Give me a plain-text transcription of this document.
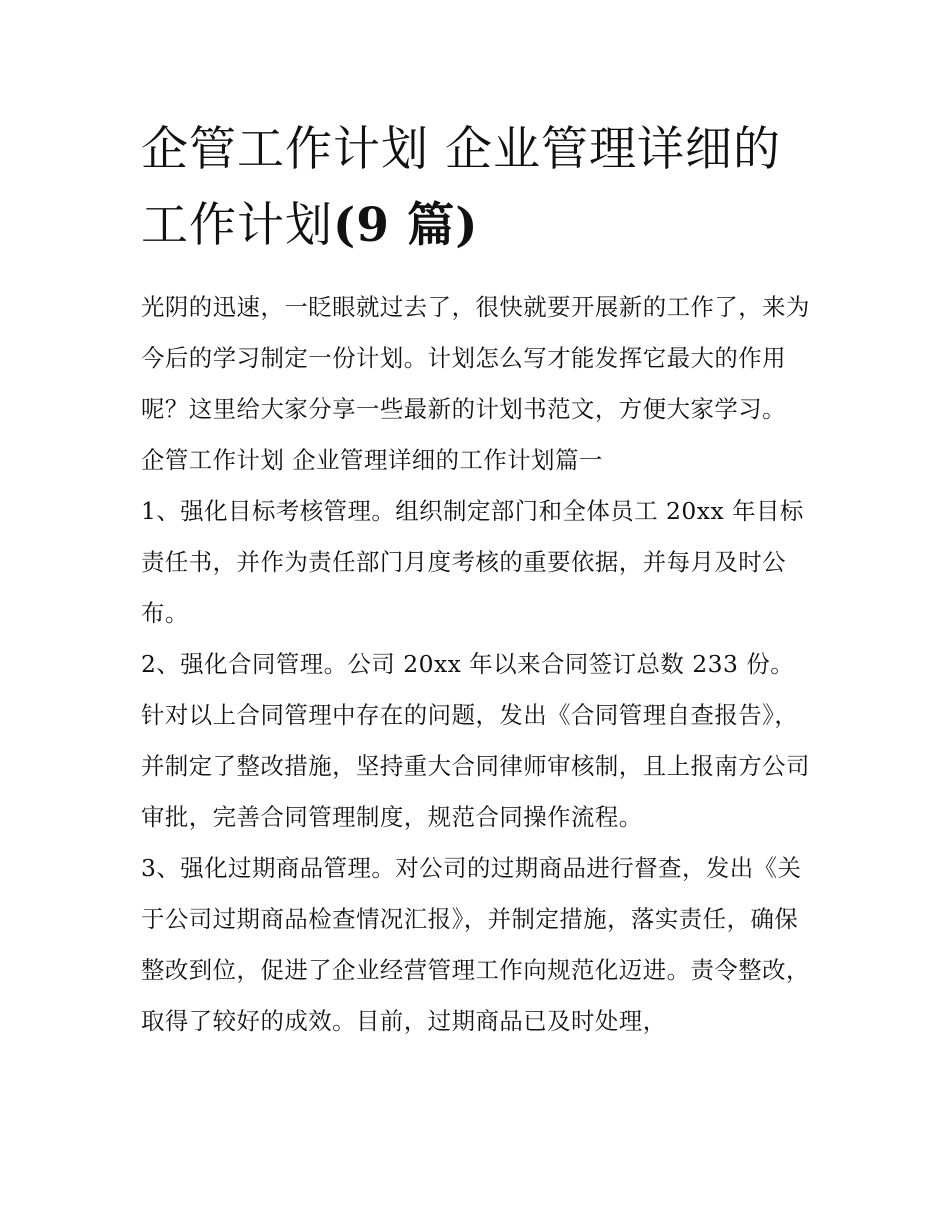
企管工作计划 企业管理详细的工作计划(9 篇)

光阴的迅速，一眨眼就过去了，很快就要开展新的工作了，来为今后的学习制定一份计划。计划怎么写才能发挥它最大的作用呢？这里给大家分享一些最新的计划书范文，方便大家学习。

企管工作计划 企业管理详细的工作计划篇一

1、强化目标考核管理。组织制定部门和全体员工 20xx 年目标责任书，并作为责任部门月度考核的重要依据，并每月及时公布。

2、强化合同管理。公司 20xx 年以来合同签订总数 233 份。针对以上合同管理中存在的问题，发出《合同管理自查报告》，并制定了整改措施，坚持重大合同律师审核制，且上报南方公司审批，完善合同管理制度，规范合同操作流程。

3、强化过期商品管理。对公司的过期商品进行督查，发出《关于公司过期商品检查情况汇报》，并制定措施，落实责任，确保整改到位，促进了企业经营管理工作向规范化迈进。责令整改，取得了较好的成效。目前，过期商品已及时处理，
